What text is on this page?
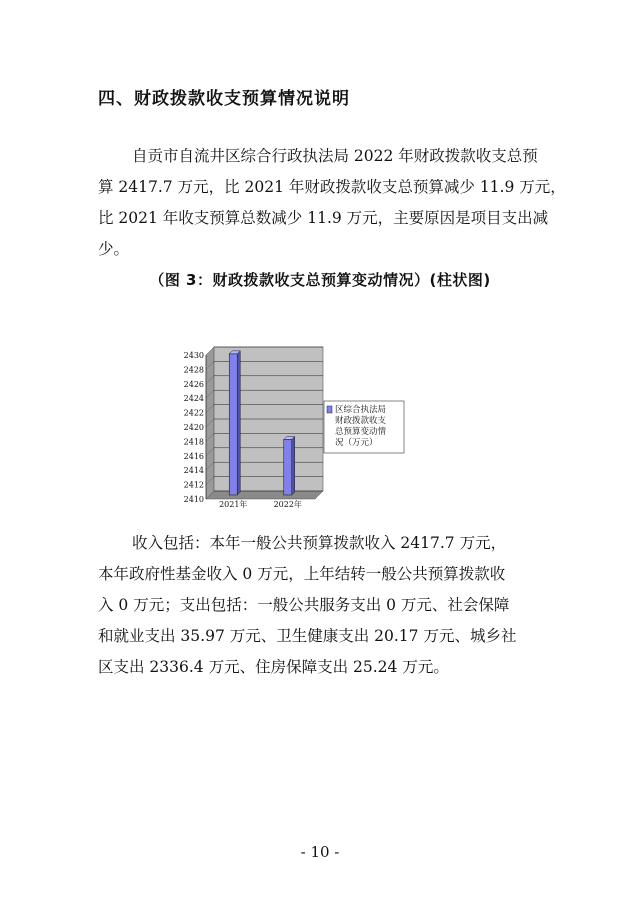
四、财政拨款收支预算情况说明

自贡市自流井区综合行政执法局 2022 年财政拨款收支总预
算 2417.7 万元，比 2021 年财政拨款收支总预算减少 11.9 万元，
比 2021 年收支预算总数减少 11.9 万元，主要原因是项目支出减
少。

（图 3：财政拨款收支总预算变动情况）(柱状图)

2430
2428
2426
2424
2422
2420
2418
2416
2414
2412
2410
2021年	2022年
区综合执法局
财政拨款收支
总预算变动情
况（万元）

收入包括：本年一般公共预算拨款收入 2417.7 万元，
本年政府性基金收入 0 万元，上年结转一般公共预算拨款收
入 0 万元；支出包括：一般公共服务支出 0 万元、社会保障
和就业支出 35.97 万元、卫生健康支出 20.17 万元、城乡社
区支出 2336.4 万元、住房保障支出 25.24 万元。

- 10 -
